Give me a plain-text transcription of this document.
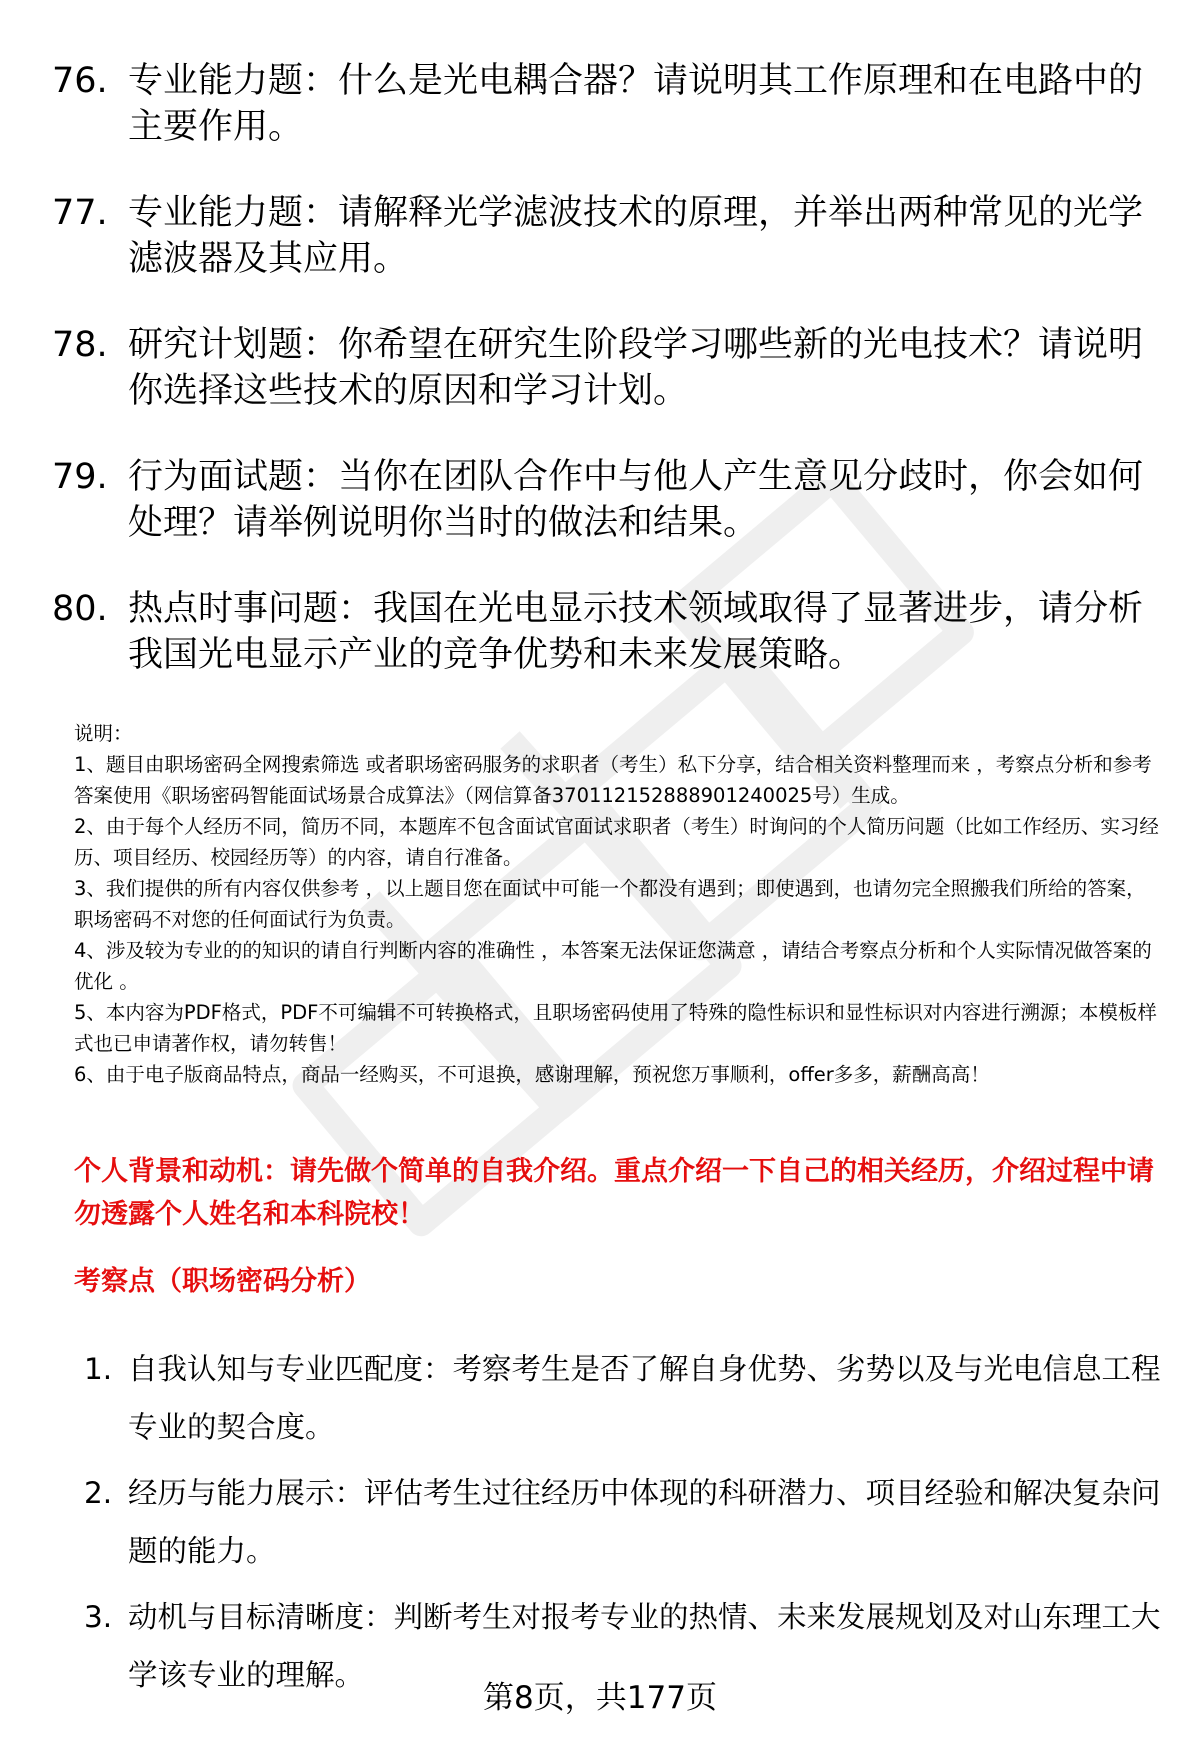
76. 专业能力题：什么是光电耦合器？请说明其工作原理和在电路中的主要作用。
77. 专业能力题：请解释光学滤波技术的原理，并举出两种常见的光学滤波器及其应用。
78. 研究计划题：你希望在研究生阶段学习哪些新的光电技术？请说明你选择这些技术的原因和学习计划。
79. 行为面试题：当你在团队合作中与他人产生意见分歧时，你会如何处理？请举例说明你当时的做法和结果。
80. 热点时事问题：我国在光电显示技术领域取得了显著进步，请分析我国光电显示产业的竞争优势和未来发展策略。

说明：

1、题目由职场密码全网搜索筛选 或者职场密码服务的求职者（考生）私下分享，结合相关资料整理而来 ，考察点分析和参考答案使用《职场密码智能面试场景合成算法》（网信算备370112152888901240025号）生成。

2、由于每个人经历不同，简历不同，本题库不包含面试官面试求职者（考生）时询问的个人简历问题（比如工作经历、实习经历、项目经历、校园经历等）的内容，请自行准备。

3、我们提供的所有内容仅供参考 ，以上题目您在面试中可能一个都没有遇到；即使遇到，也请勿完全照搬我们所给的答案，职场密码不对您的任何面试行为负责。

4、涉及较为专业的的知识的请自行判断内容的准确性 ，本答案无法保证您满意 ，请结合考察点分析和个人实际情况做答案的优化 。

5、本内容为PDF格式，PDF不可编辑不可转换格式，且职场密码使用了特殊的隐性标识和显性标识对内容进行溯源；本模板样式也已申请著作权，请勿转售！

6、由于电子版商品特点，商品一经购买，不可退换，感谢理解，预祝您万事顺利，offer多多，薪酬高高！

个人背景和动机：请先做个简单的自我介绍。重点介绍一下自己的相关经历，介绍过程中请勿透露个人姓名和本科院校！
考察点（职场密码分析）
1. 自我认知与专业匹配度：考察考生是否了解自身优势、劣势以及与光电信息工程专业的契合度。
2. 经历与能力展示：评估考生过往经历中体现的科研潜力、项目经验和解决复杂问题的能力。
3. 动机与目标清晰度：判断考生对报考专业的热情、未来发展规划及对山东理工大学该专业的理解。
第8页，共177页
